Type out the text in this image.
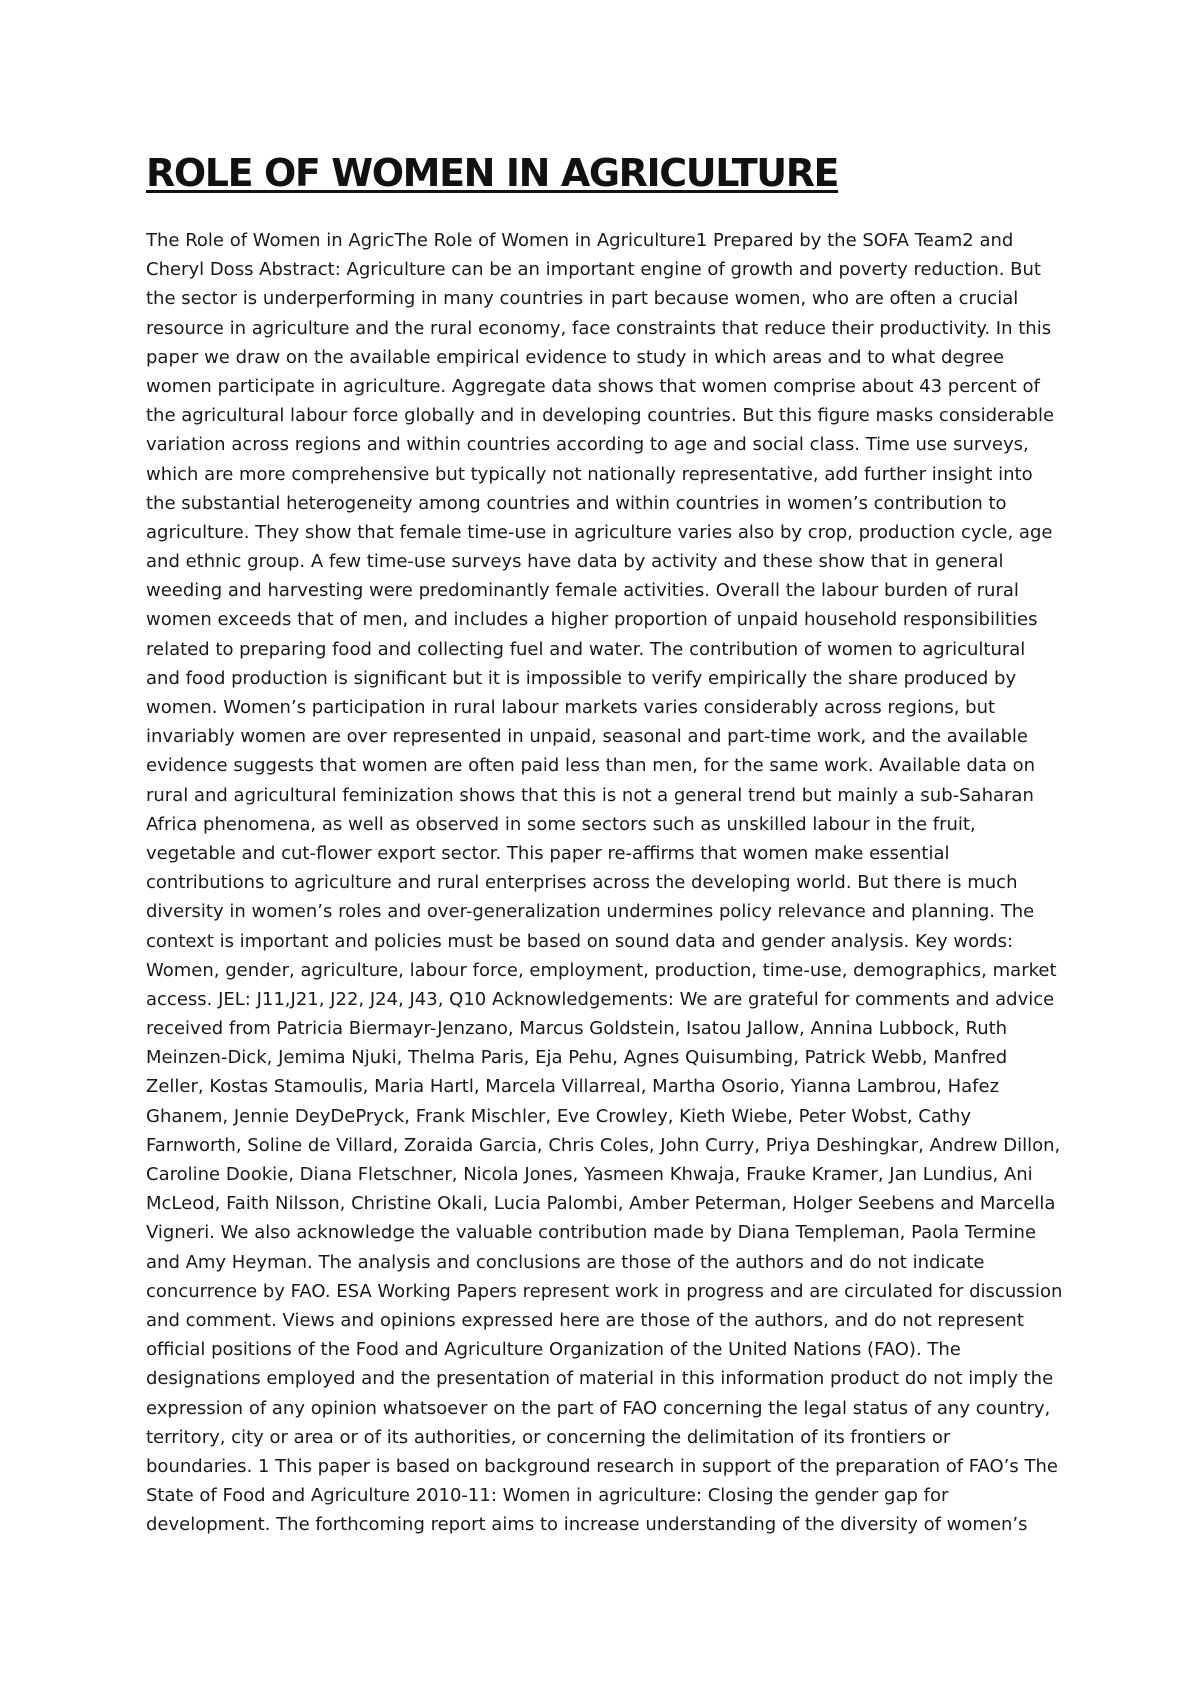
ROLE OF WOMEN IN AGRICULTURE
The Role of Women in AgricThe Role of Women in Agriculture1 Prepared by the SOFA Team2 and
Cheryl Doss Abstract: Agriculture can be an important engine of growth and poverty reduction. But
the sector is underperforming in many countries in part because women, who are often a crucial
resource in agriculture and the rural economy, face constraints that reduce their productivity. In this
paper we draw on the available empirical evidence to study in which areas and to what degree
women participate in agriculture. Aggregate data shows that women comprise about 43 percent of
the agricultural labour force globally and in developing countries. But this figure masks considerable
variation across regions and within countries according to age and social class. Time use surveys,
which are more comprehensive but typically not nationally representative, add further insight into
the substantial heterogeneity among countries and within countries in women’s contribution to
agriculture. They show that female time-use in agriculture varies also by crop, production cycle, age
and ethnic group. A few time-use surveys have data by activity and these show that in general
weeding and harvesting were predominantly female activities. Overall the labour burden of rural
women exceeds that of men, and includes a higher proportion of unpaid household responsibilities
related to preparing food and collecting fuel and water. The contribution of women to agricultural
and food production is significant but it is impossible to verify empirically the share produced by
women. Women’s participation in rural labour markets varies considerably across regions, but
invariably women are over represented in unpaid, seasonal and part-time work, and the available
evidence suggests that women are often paid less than men, for the same work. Available data on
rural and agricultural feminization shows that this is not a general trend but mainly a sub-Saharan
Africa phenomena, as well as observed in some sectors such as unskilled labour in the fruit,
vegetable and cut-flower export sector. This paper re-affirms that women make essential
contributions to agriculture and rural enterprises across the developing world. But there is much
diversity in women’s roles and over-generalization undermines policy relevance and planning. The
context is important and policies must be based on sound data and gender analysis. Key words:
Women, gender, agriculture, labour force, employment, production, time-use, demographics, market
access. JEL: J11,J21, J22, J24, J43, Q10 Acknowledgements: We are grateful for comments and advice
received from Patricia Biermayr-Jenzano, Marcus Goldstein, Isatou Jallow, Annina Lubbock, Ruth
Meinzen-Dick, Jemima Njuki, Thelma Paris, Eja Pehu, Agnes Quisumbing, Patrick Webb, Manfred
Zeller, Kostas Stamoulis, Maria Hartl, Marcela Villarreal, Martha Osorio, Yianna Lambrou, Hafez
Ghanem, Jennie DeyDePryck, Frank Mischler, Eve Crowley, Kieth Wiebe, Peter Wobst, Cathy
Farnworth, Soline de Villard, Zoraida Garcia, Chris Coles, John Curry, Priya Deshingkar, Andrew Dillon,
Caroline Dookie, Diana Fletschner, Nicola Jones, Yasmeen Khwaja, Frauke Kramer, Jan Lundius, Ani
McLeod, Faith Nilsson, Christine Okali, Lucia Palombi, Amber Peterman, Holger Seebens and Marcella
Vigneri. We also acknowledge the valuable contribution made by Diana Templeman, Paola Termine
and Amy Heyman. The analysis and conclusions are those of the authors and do not indicate
concurrence by FAO. ESA Working Papers represent work in progress and are circulated for discussion
and comment. Views and opinions expressed here are those of the authors, and do not represent
official positions of the Food and Agriculture Organization of the United Nations (FAO). The
designations employed and the presentation of material in this information product do not imply the
expression of any opinion whatsoever on the part of FAO concerning the legal status of any country,
territory, city or area or of its authorities, or concerning the delimitation of its frontiers or
boundaries. 1 This paper is based on background research in support of the preparation of FAO’s The
State of Food and Agriculture 2010-11: Women in agriculture: Closing the gender gap for
development. The forthcoming report aims to increase understanding of the diversity of women’s
